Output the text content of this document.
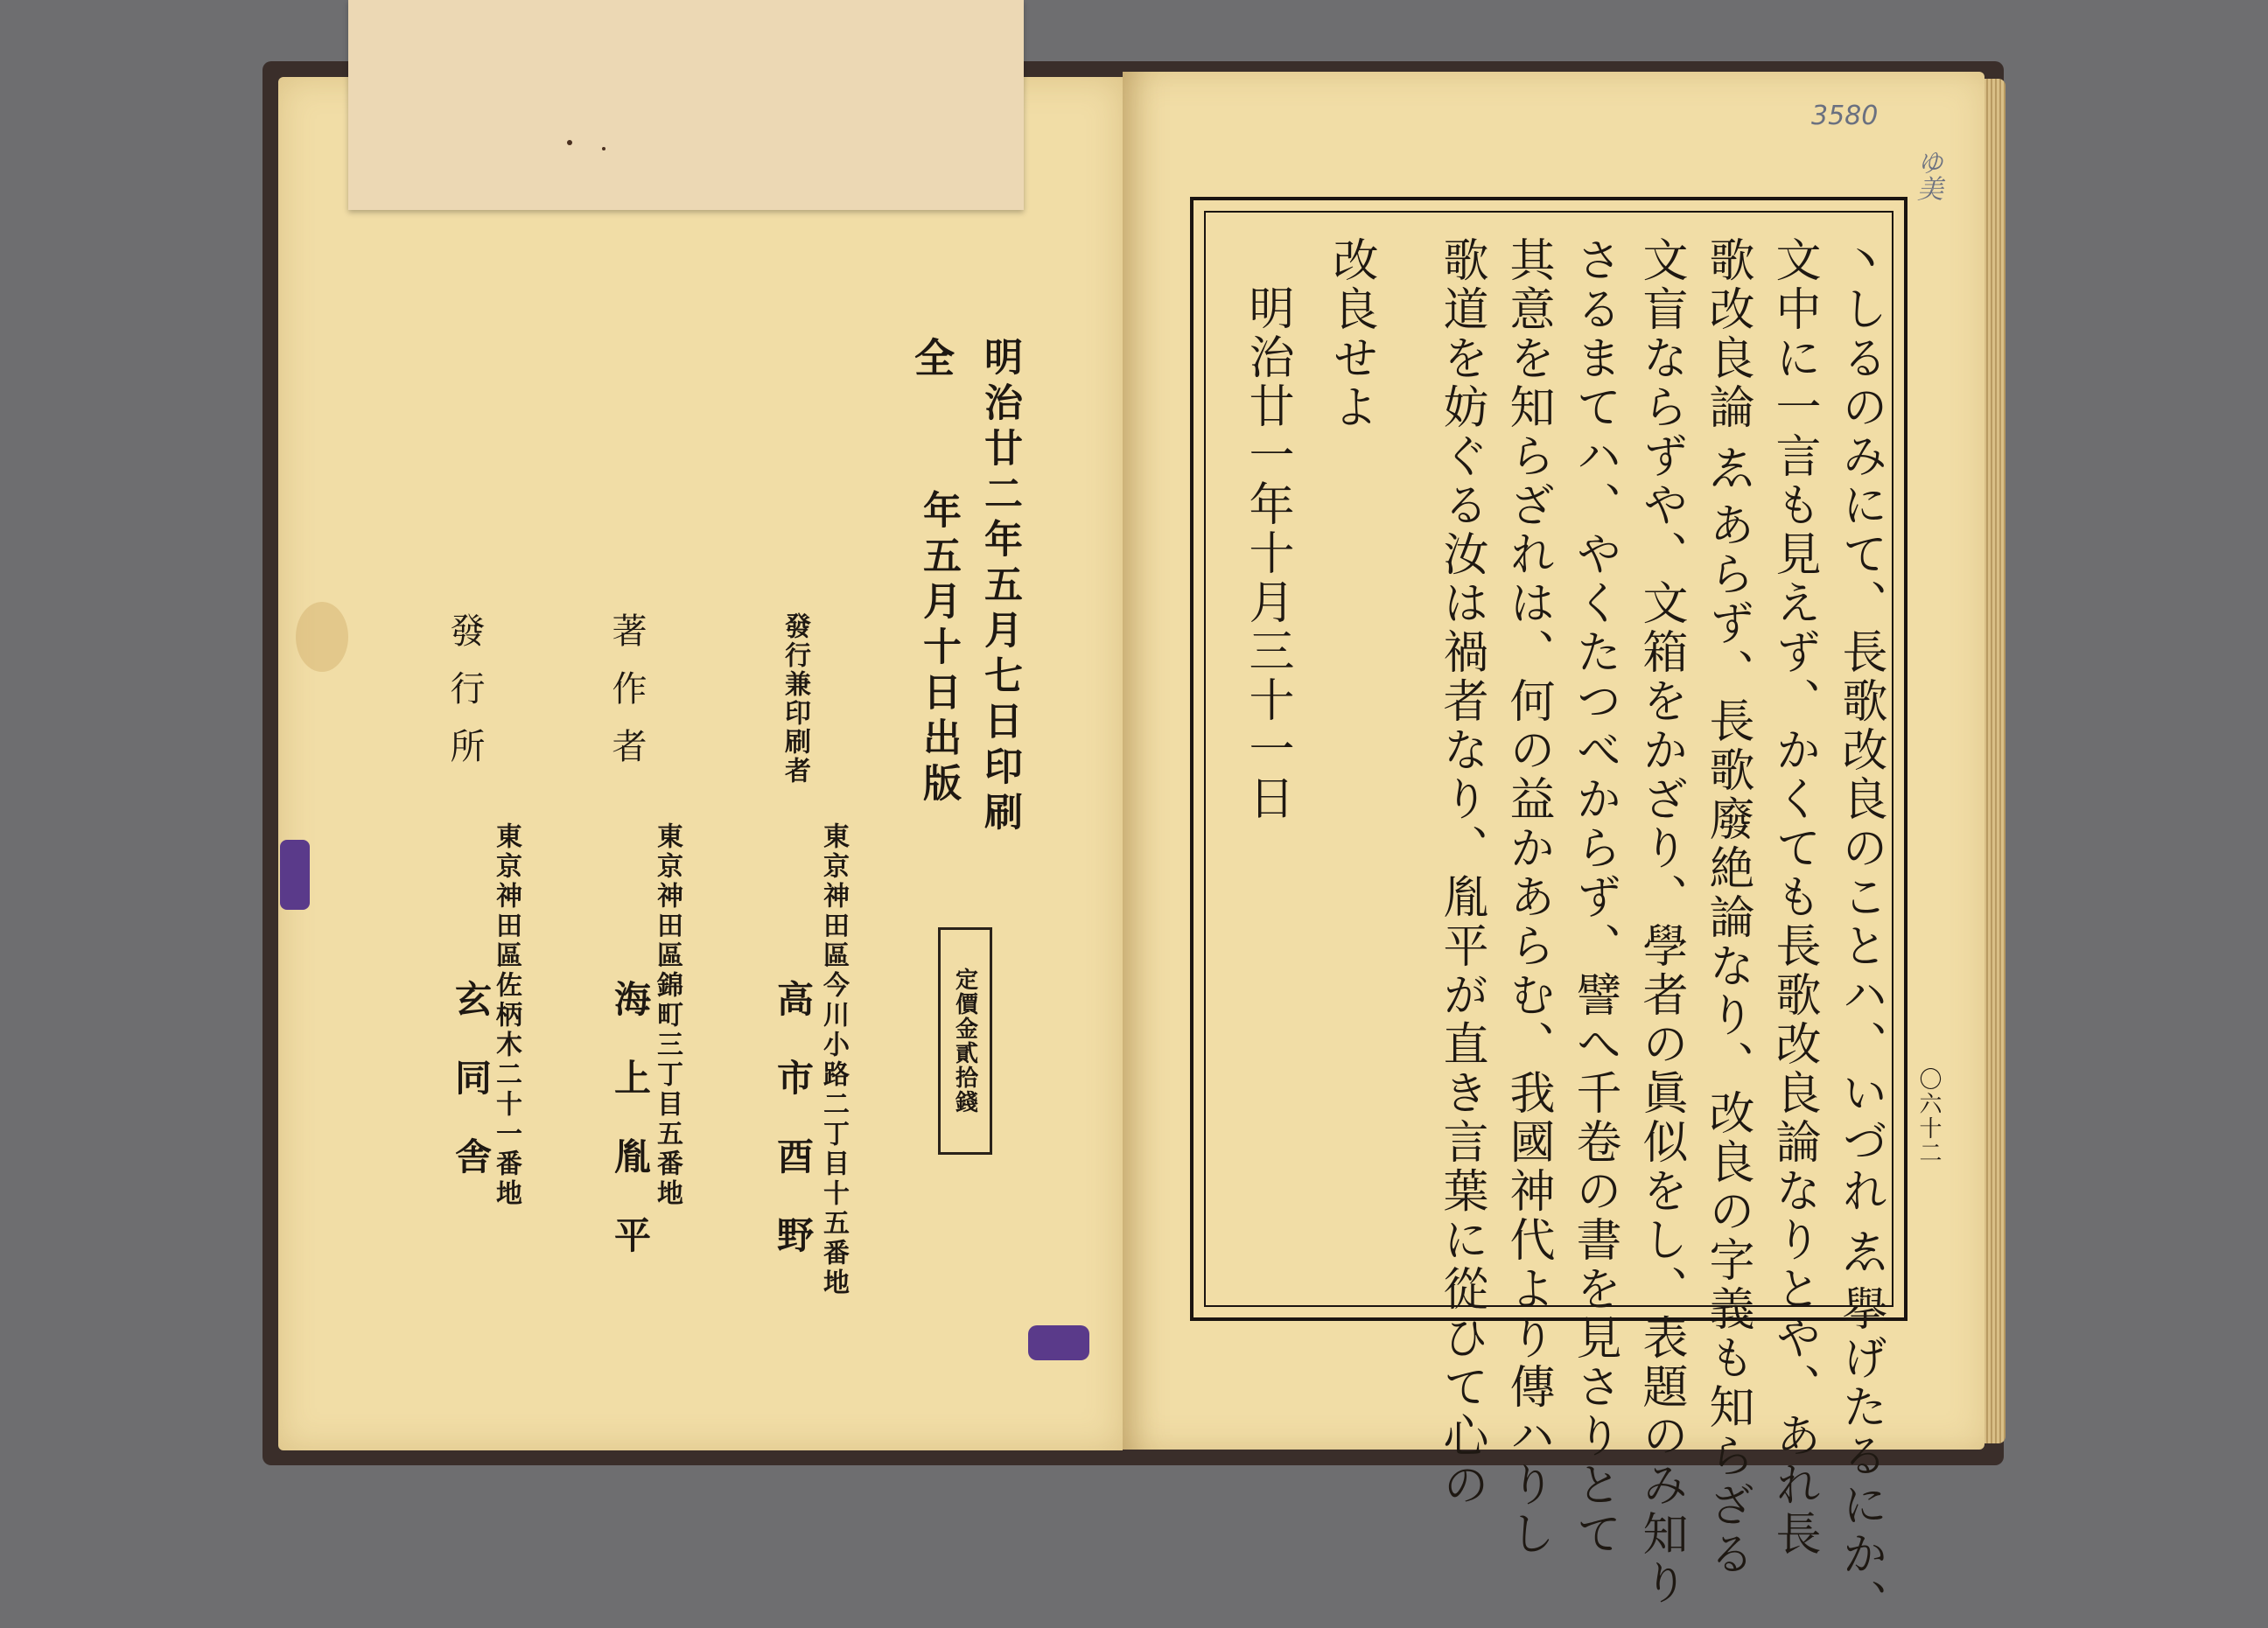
明治廿二年五月七日印刷
年五月十日出版
全
定價金貳拾錢
發行兼印刷者
東京神田區今川小路二丁目十五番地
高市酉野
著作者
東京神田區錦町三丁目五番地
海上胤平
發行所
東京神田區佐柄木二十一番地
玄同舎	丶しるのみにて、長歌改良のことハ、いづれ𛁈擧げたるにか、
文中に一言も見えず、かくても長歌改良論なりとや、あれ長
歌改良論𛁈あらず、長歌廢絶論なり、改良の字義も知らざる
文盲ならずや、文箱をかざり、學者の眞似をし、表題のみ知り
さるまてハ、やくたつべからず、譬へ千卷の書を見さりとて
其意を知らざれは、何の益かあらむ、我國神代より傳ハりし
歌道を妨ぐる汝は禍者なり、胤平が直き言葉に從ひて心の
改良せよ
明治廿一年十月三十一日
〇六十二
3580
ゆ美
